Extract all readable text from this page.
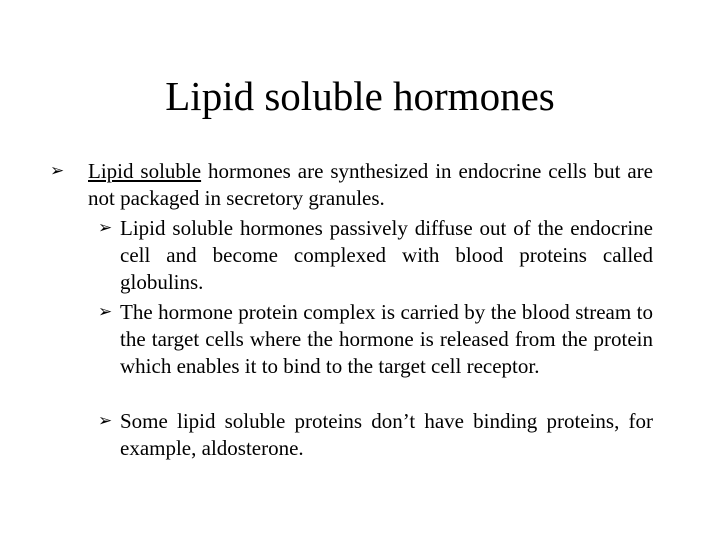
Lipid soluble hormones
➢ Lipid soluble hormones are synthesized in endocrine cells but are not packaged in secretory granules.
➢ Lipid soluble hormones passively diffuse out of the endocrine cell and become complexed with blood proteins called globulins.
➢ The hormone protein complex is carried by the blood stream to the target cells where the hormone is released from the protein which enables it to bind to the target cell receptor.
➢ Some lipid soluble proteins don’t have binding proteins, for example, aldosterone.
